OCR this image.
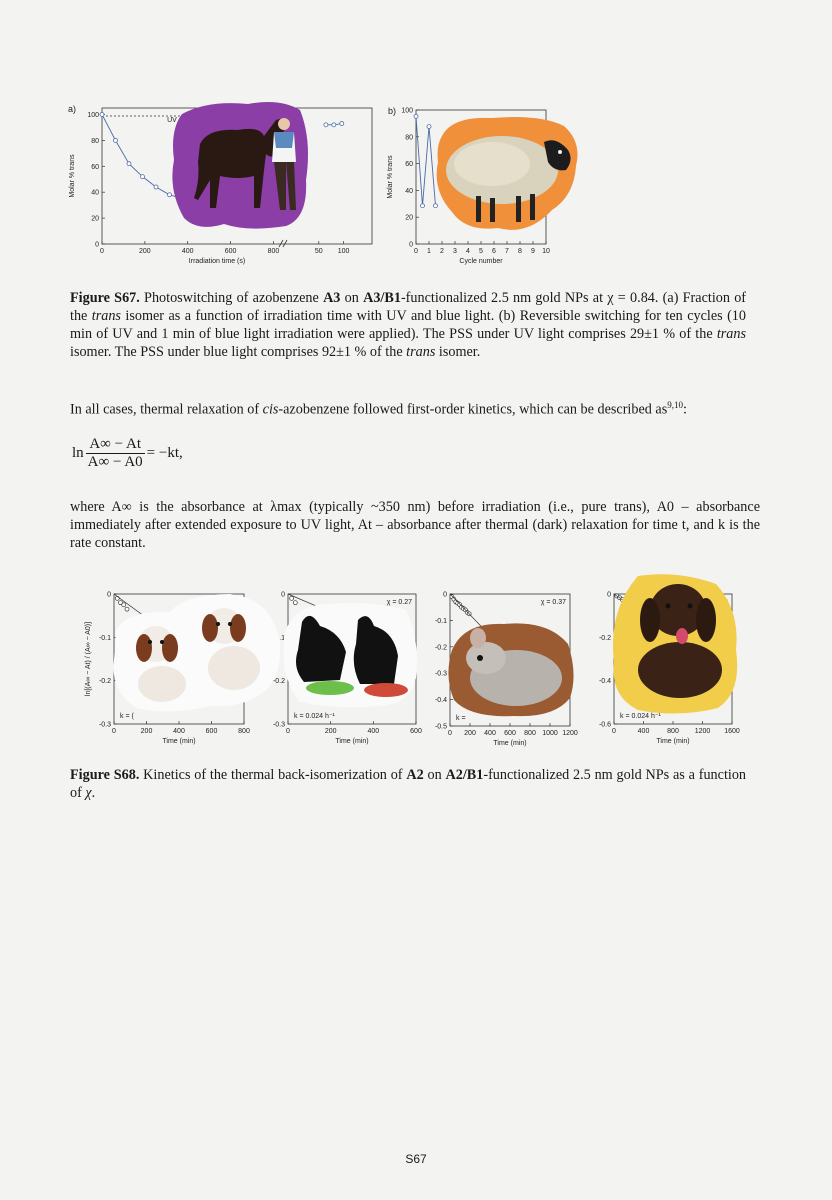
a)	b)
100
80
60
40
20
0
0	200	400	600	800	50 100
Irradiation time (s)
Molar % trans
UV
0 1 2 3 4 5 6 7 8 9 10
100
80
60
40
20
0
Cycle number
Molar % trans
Figure S67. Photoswitching of azobenzene A3 on A3/B1-functionalized 2.5 nm gold NPs at χ = 0.84. (a) Fraction of the trans isomer as a function of irradiation time with UV and blue light. (b) Reversible switching for ten cycles (10 min of UV and 1 min of blue light irradiation were applied). The PSS under UV light comprises 29±1 % of the trans isomer. The PSS under blue light comprises 92±1 % of the trans isomer.
In all cases, thermal relaxation of cis-azobenzene followed first-order kinetics, which can be described as$^{9,10}$:
$\ln \frac{A\infty - At}{A\infty - A0} = -kt$,
where A∞ is the absorbance at λmax (typically ~350 nm) before irradiation (i.e., pure trans), A0 – absorbance immediately after extended exposure to UV light, At – absorbance after thermal (dark) relaxation for time t, and k is the rate constant.
0	200	400	600	800
0
-0.1
-0.2
-0.3
Time (min)
ln[(A∞ − At) / (A∞ − A0)]
k = (
0	200	400	600
0
-0.2
-0.3
Time (min)
k = 0.024 h⁻¹
χ = 0.27
0 200 400 600 800 1000 1200
0
-0.1
-0.2
-0.3
-0.4
-0.5
Time (min)
k =
χ = 0.37
0	400	800 1200 1600
0
-0.2
-0.4
-0.6
Time (min)
k = 0.024 h⁻¹
Figure S68. Kinetics of the thermal back-isomerization of A2 on A2/B1-functionalized 2.5 nm gold NPs as a function of χ.
S67
